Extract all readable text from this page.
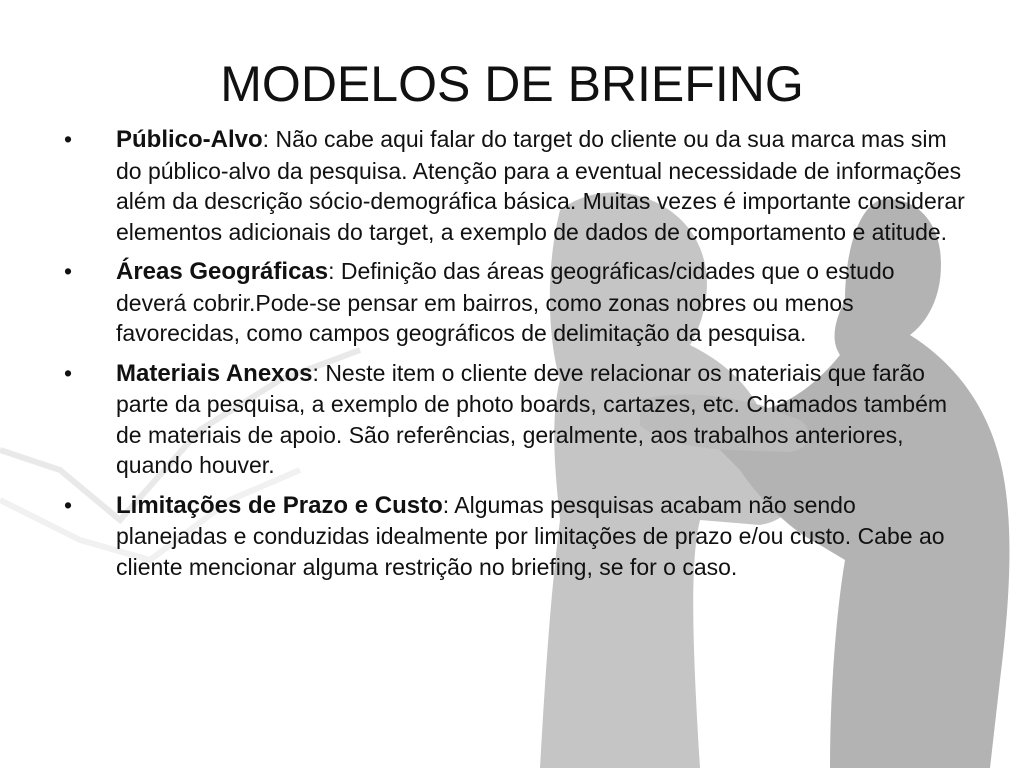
MODELOS DE BRIEFING
• Público-Alvo: Não cabe aqui falar do target do cliente ou da sua marca mas sim do público-alvo da pesquisa. Atenção para a eventual necessidade de informações além da descrição sócio-demográfica básica. Muitas vezes é importante considerar elementos adicionais do target, a exemplo de dados de comportamento e atitude.
• Áreas Geográficas: Definição das áreas geográficas/cidades que o estudo deverá cobrir.Pode-se pensar em bairros, como zonas nobres ou menos favorecidas, como campos geográficos de delimitação da pesquisa.
• Materiais Anexos: Neste item o cliente deve relacionar os materiais que farão parte da pesquisa, a exemplo de photo boards, cartazes, etc. Chamados também de materiais de apoio. São referências, geralmente, aos trabalhos anteriores, quando houver.
• Limitações de Prazo e Custo: Algumas pesquisas acabam não sendo planejadas e conduzidas idealmente por limitações de prazo e/ou custo. Cabe ao cliente mencionar alguma restrição no briefing, se for o caso.
